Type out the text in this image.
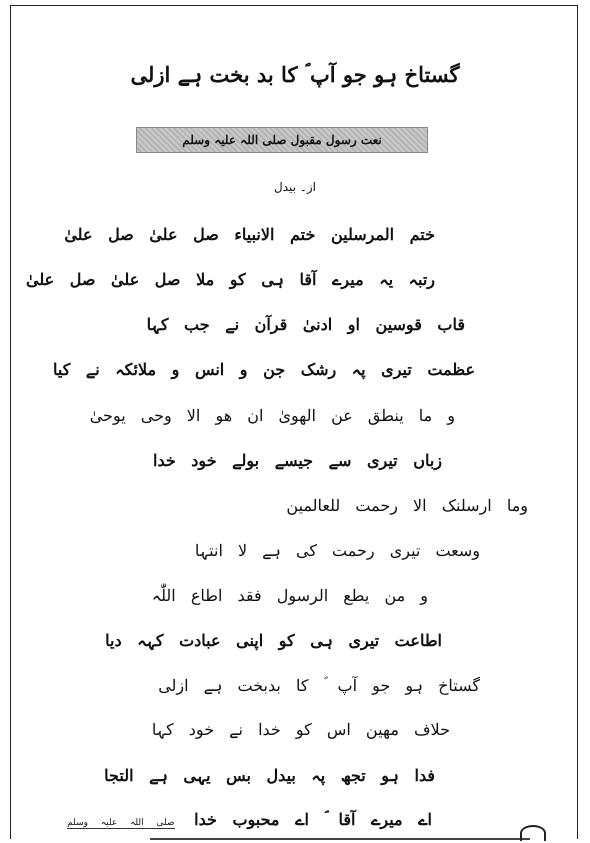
گستاخ ہو جو آپ ؐ کا بد بخت ہے ازلی
نعت رسول مقبول صلی اللہ علیہ وسلم
از۔ بیدل
ختم المرسلین ختم الانبیاء صل علیٰ صل علیٰ
رتبہ یہ میرے آقا ہی کو ملا صل علیٰ صل علیٰ
قاب قوسین او ادنیٰ قرآن نے جب کہا
عظمت تیری پہ رشک جن و انس و ملائکہ نے کیا
و ما ینطق عن الھویٰ ان ھو الا وحی یوحیٰ
زباں تیری سے جیسے بولے خود خدا
وما ارسلنک الا رحمت للعالمین
وسعت تیری رحمت کی ہے لا انتہا
و من یطع الرسول فقد اطاع اللّٰہ
اطاعت تیری ہی کو اپنی عبادت کہہ دیا
گستاخ ہو جو آپ ؐ کا بدبخت ہے ازلی
حلاف مھین اس کو خدا نے خود کہا
فدا ہو تجھ پہ بیدل بس یہی ہے التجا
اے میرے آقا ؐ اے محبوب خدا صلی اللہ علیہ وسلم
